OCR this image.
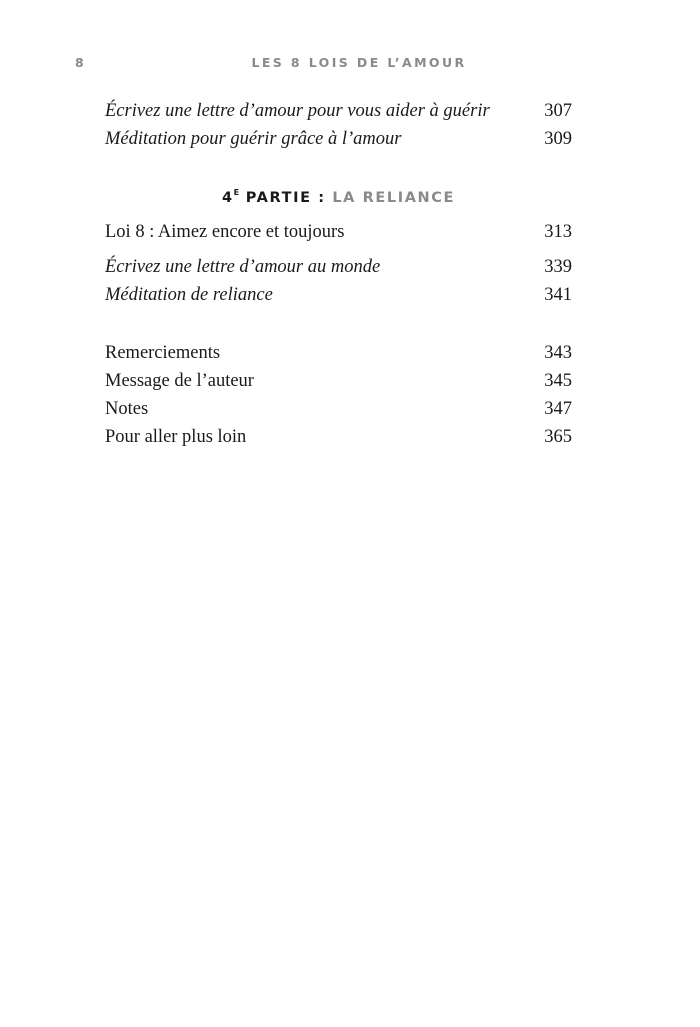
8	LES 8 LOIS DE L’AMOUR
Écrivez une lettre d’amour pour vous aider à guérir	307
Méditation pour guérir grâce à l’amour	309
$4^E$ PARTIE : LA RELIANCE
Loi 8 : Aimez encore et toujours	313
Écrivez une lettre d’amour au monde	339
Méditation de reliance	341
Remerciements	343
Message de l’auteur	345
Notes	347
Pour aller plus loin	365
